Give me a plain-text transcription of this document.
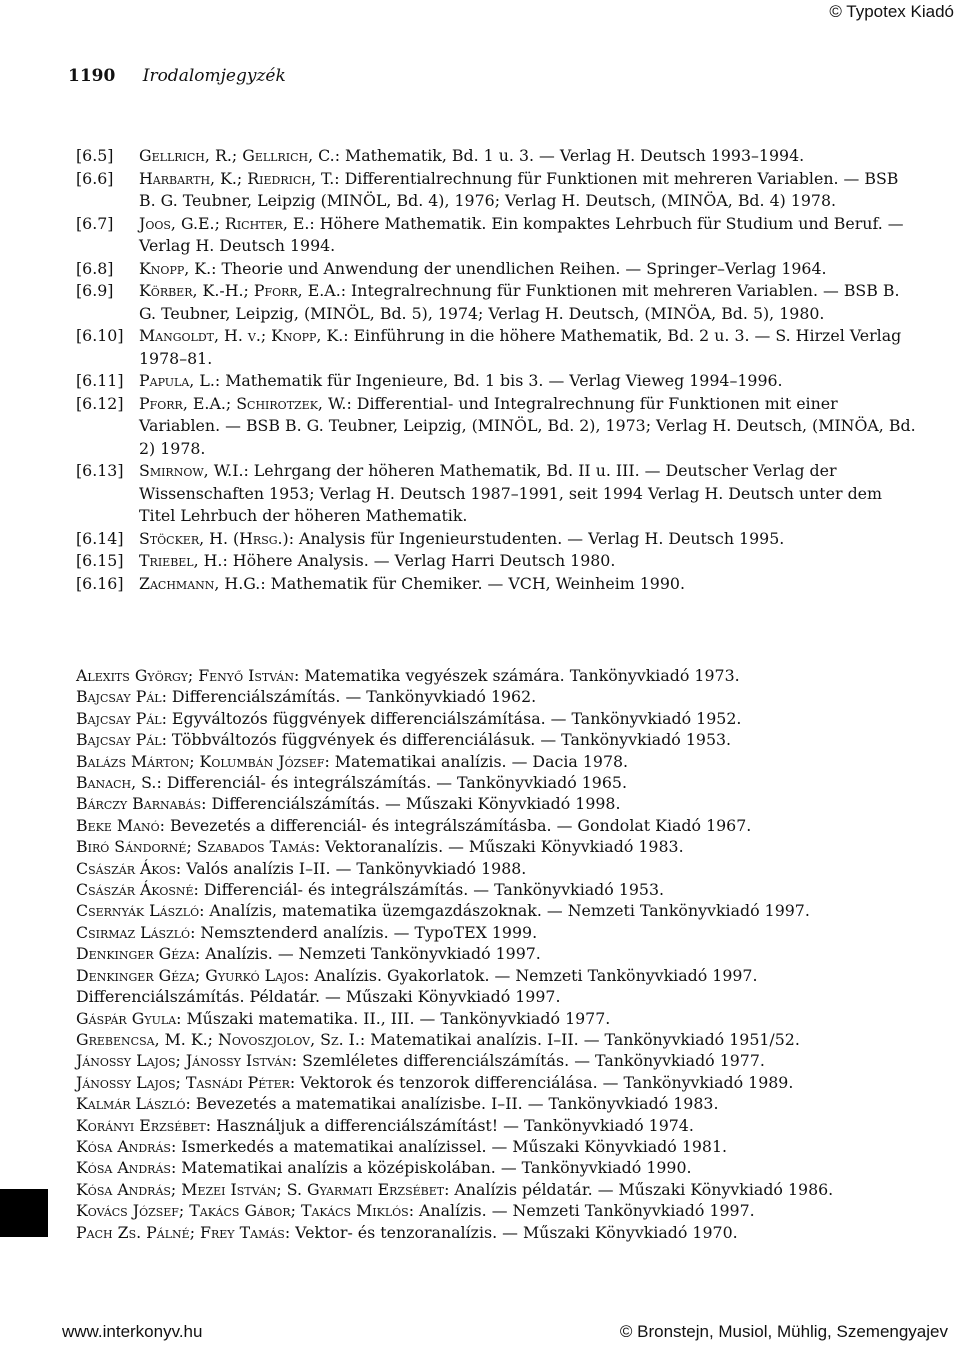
© Typotex Kiadó
1190 Irodalomjegyzék
[6.5] Gellrich, R.; Gellrich, C.: Mathematik, Bd. 1 u. 3. — Verlag H. Deutsch 1993–1994.
[6.6] Harbarth, K.; Riedrich, T.: Differentialrechnung für Funktionen mit mehreren Variablen. — BSB B. G. Teubner, Leipzig (MINÖL, Bd. 4), 1976; Verlag H. Deutsch, (MINÖA, Bd. 4) 1978.
[6.7] Joos, G.E.; Richter, E.: Höhere Mathematik. Ein kompaktes Lehrbuch für Studium und Beruf. — Verlag H. Deutsch 1994.
[6.8] Knopp, K.: Theorie und Anwendung der unendlichen Reihen. — Springer–Verlag 1964.
[6.9] Körber, K.-H.; Pforr, E.A.: Integralrechnung für Funktionen mit mehreren Variablen. — BSB B. G. Teubner, Leipzig, (MINÖL, Bd. 5), 1974; Verlag H. Deutsch, (MINÖA, Bd. 5), 1980.
[6.10] Mangoldt, H. v.; Knopp, K.: Einführung in die höhere Mathematik, Bd. 2 u. 3. — S. Hirzel Verlag 1978–81.
[6.11] Papula, L.: Mathematik für Ingenieure, Bd. 1 bis 3. — Verlag Vieweg 1994–1996.
[6.12] Pforr, E.A.; Schirotzek, W.: Differential- und Integralrechnung für Funktionen mit einer Variablen. — BSB B. G. Teubner, Leipzig, (MINÖL, Bd. 2), 1973; Verlag H. Deutsch, (MINÖA, Bd. 2) 1978.
[6.13] Smirnow, W.I.: Lehrgang der höheren Mathematik, Bd. II u. III. — Deutscher Verlag der Wissenschaften 1953; Verlag H. Deutsch 1987–1991, seit 1994 Verlag H. Deutsch unter dem Titel Lehrbuch der höheren Mathematik.
[6.14] Stöcker, H. (Hrsg.): Analysis für Ingenieurstudenten. — Verlag H. Deutsch 1995.
[6.15] Triebel, H.: Höhere Analysis. — Verlag Harri Deutsch 1980.
[6.16] Zachmann, H.G.: Mathematik für Chemiker. — VCH, Weinheim 1990.
Alexits György; Fenyő István: Matematika vegyészek számára. Tankönyvkiadó 1973.
Bajcsay Pál: Differenciálszámítás. — Tankönyvkiadó 1962.
Bajcsay Pál: Egyváltozós függvények differenciálszámítása. — Tankönyvkiadó 1952.
Bajcsay Pál: Többváltozós függvények és differenciálásuk. — Tankönyvkiadó 1953.
Balázs Márton; Kolumbán József: Matematikai analízis. — Dacia 1978.
Banach, S.: Differenciál- és integrálszámítás. — Tankönyvkiadó 1965.
Bárczy Barnabás: Differenciálszámítás. — Műszaki Könyvkiadó 1998.
Beke Manó: Bevezetés a differenciál- és integrálszámításba. — Gondolat Kiadó 1967.
Biró Sándorné; Szabados Tamás: Vektoranalízis. — Műszaki Könyvkiadó 1983.
Császár Ákos: Valós analízis I–II. — Tankönyvkiadó 1988.
Császár Ákosné: Differenciál- és integrálszámítás. — Tankönyvkiadó 1953.
Csernyák László: Analízis, matematika üzemgazdászoknak. — Nemzeti Tankönyvkiadó 1997.
Csirmaz László: Nemsztenderd analízis. — TypoTEX 1999.
Denkinger Géza: Analízis. — Nemzeti Tankönyvkiadó 1997.
Denkinger Géza; Gyurkó Lajos: Analízis. Gyakorlatok. — Nemzeti Tankönyvkiadó 1997. Differenciálszámítás. Példatár. — Műszaki Könyvkiadó 1997.
Gáspár Gyula: Műszaki matematika. II., III. — Tankönyvkiadó 1977.
Grebencsa, M. K.; Novoszjolov, Sz. I.: Matematikai analízis. I–II. — Tankönyvkiadó 1951/52.
Jánossy Lajos; Jánossy István: Szemléletes differenciálszámítás. — Tankönyvkiadó 1977.
Jánossy Lajos; Tasnádi Péter: Vektorok és tenzorok differenciálása. — Tankönyvkiadó 1989.
Kalmár László: Bevezetés a matematikai analízisbe. I–II. — Tankönyvkiadó 1983.
Korányi Erzsébet: Használjuk a differenciálszámítást! — Tankönyvkiadó 1974.
Kósa András: Ismerkedés a matematikai analízissel. — Műszaki Könyvkiadó 1981.
Kósa András: Matematikai analízis a középiskolában. — Tankönyvkiadó 1990.
Kósa András; Mezei István; S. Gyarmati Erzsébet: Analízis példatár. — Műszaki Könyvkiadó 1986.
Kovács József; Takács Gábor; Takács Miklós: Analízis. — Nemzeti Tankönyvkiadó 1997.
Pach Zs. Pálné; Frey Tamás: Vektor- és tenzoranalízis. — Műszaki Könyvkiadó 1970.
www.interkonyv.hu	© Bronstejn, Musiol, Mühlig, Szemengyajev
